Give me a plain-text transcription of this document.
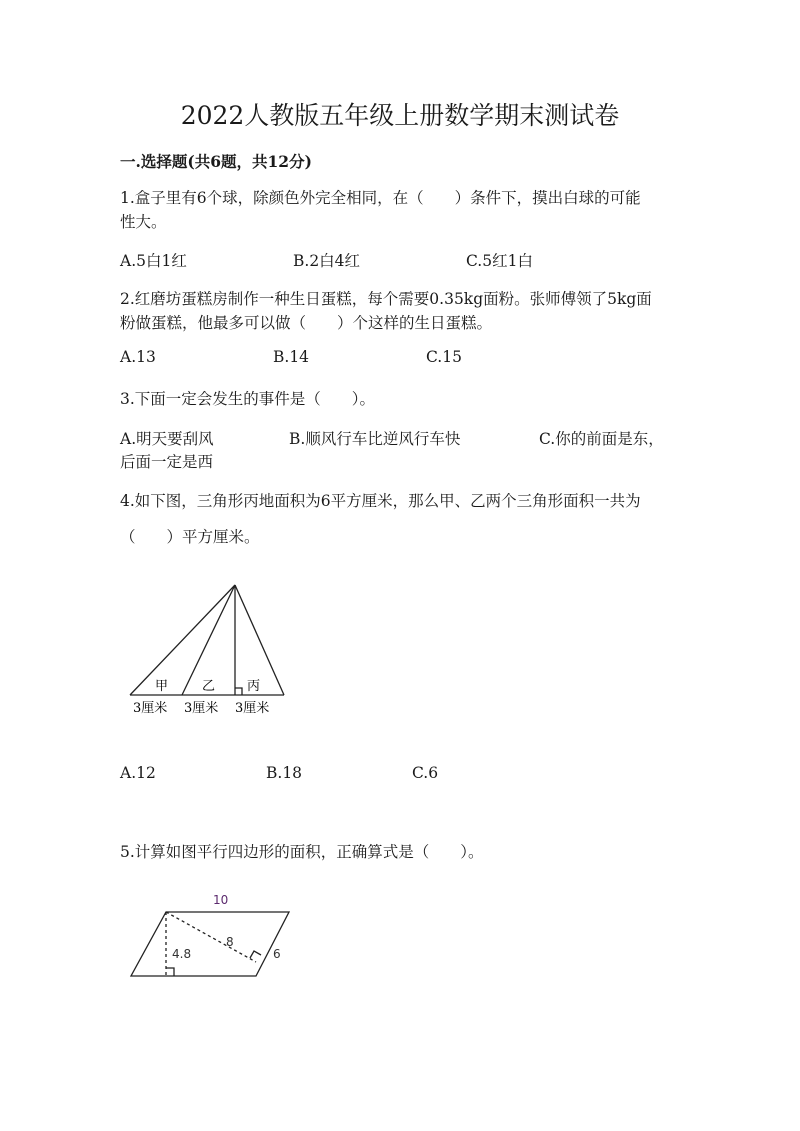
2022人教版五年级上册数学期末测试卷
一.选择题(共6题，共12分)
1.盒子里有6个球，除颜色外完全相同，在（　　）条件下，摸出白球的可能
性大。
A.5白1红	B.2白4红	C.5红1白
2.红磨坊蛋糕房制作一种生日蛋糕，每个需要0.35kg面粉。张师傅领了5kg面
粉做蛋糕，他最多可以做（　　）个这样的生日蛋糕。
A.13	B.14	C.15
3.下面一定会发生的事件是（　　）。
A.明天要刮风	B.顺风行车比逆风行车快	C.你的前面是东，
后面一定是西
4.如下图，三角形丙地面积为6平方厘米，那么甲、乙两个三角形面积一共为
（　　）平方厘米。
甲	乙 丙
3厘米 3厘米 3厘米
A.12	B.18	C.6
5.计算如图平行四边形的面积，正确算式是（　　）。
10
4.8
8
6
